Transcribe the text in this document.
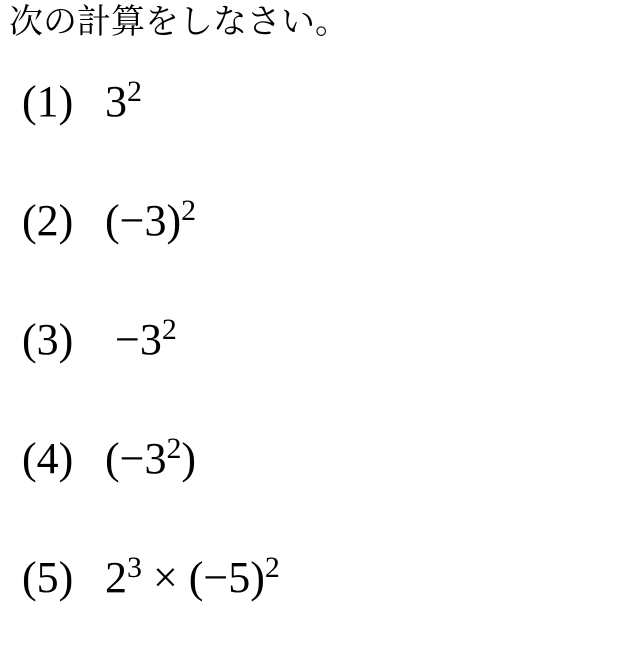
次の計算をしなさい。
(1) $3^2$
(2) $(-3)^2$
$(3) -3^2$
(4) $(-3^2)$
(5) $2^3 \times (-5)^2$
